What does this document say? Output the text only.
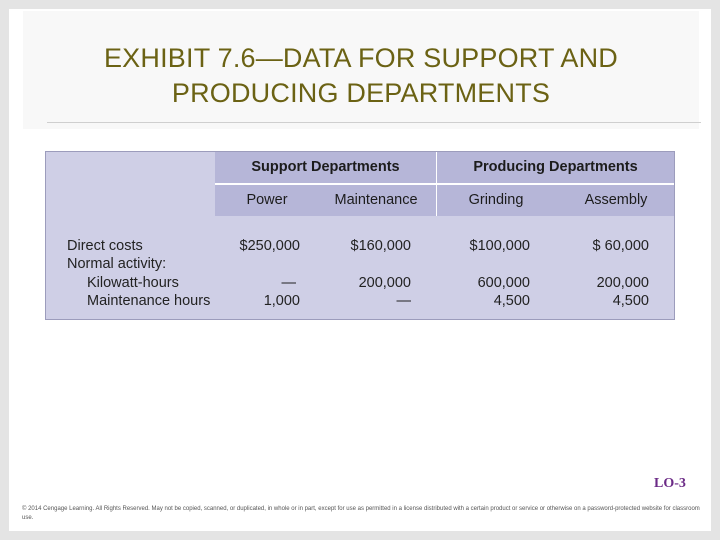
EXHIBIT 7.6—DATA FOR SUPPORT AND
PRODUCING DEPARTMENTS
Support Departments	Producing Departments
Power	Maintenance	Grinding	Assembly
Direct costs	$250,000	$160,000	$100,000	$ 60,000
Normal activity:
Kilowatt-hours	—	200,000	600,000	200,000
Maintenance hours	1,000	—	4,500	4,500
LO-3
© 2014 Cengage Learning. All Rights Reserved. May not be copied, scanned, or duplicated, in whole or in part, except for use as permitted in a license distributed with a certain product or service or otherwise on a password-protected website for classroom use.
